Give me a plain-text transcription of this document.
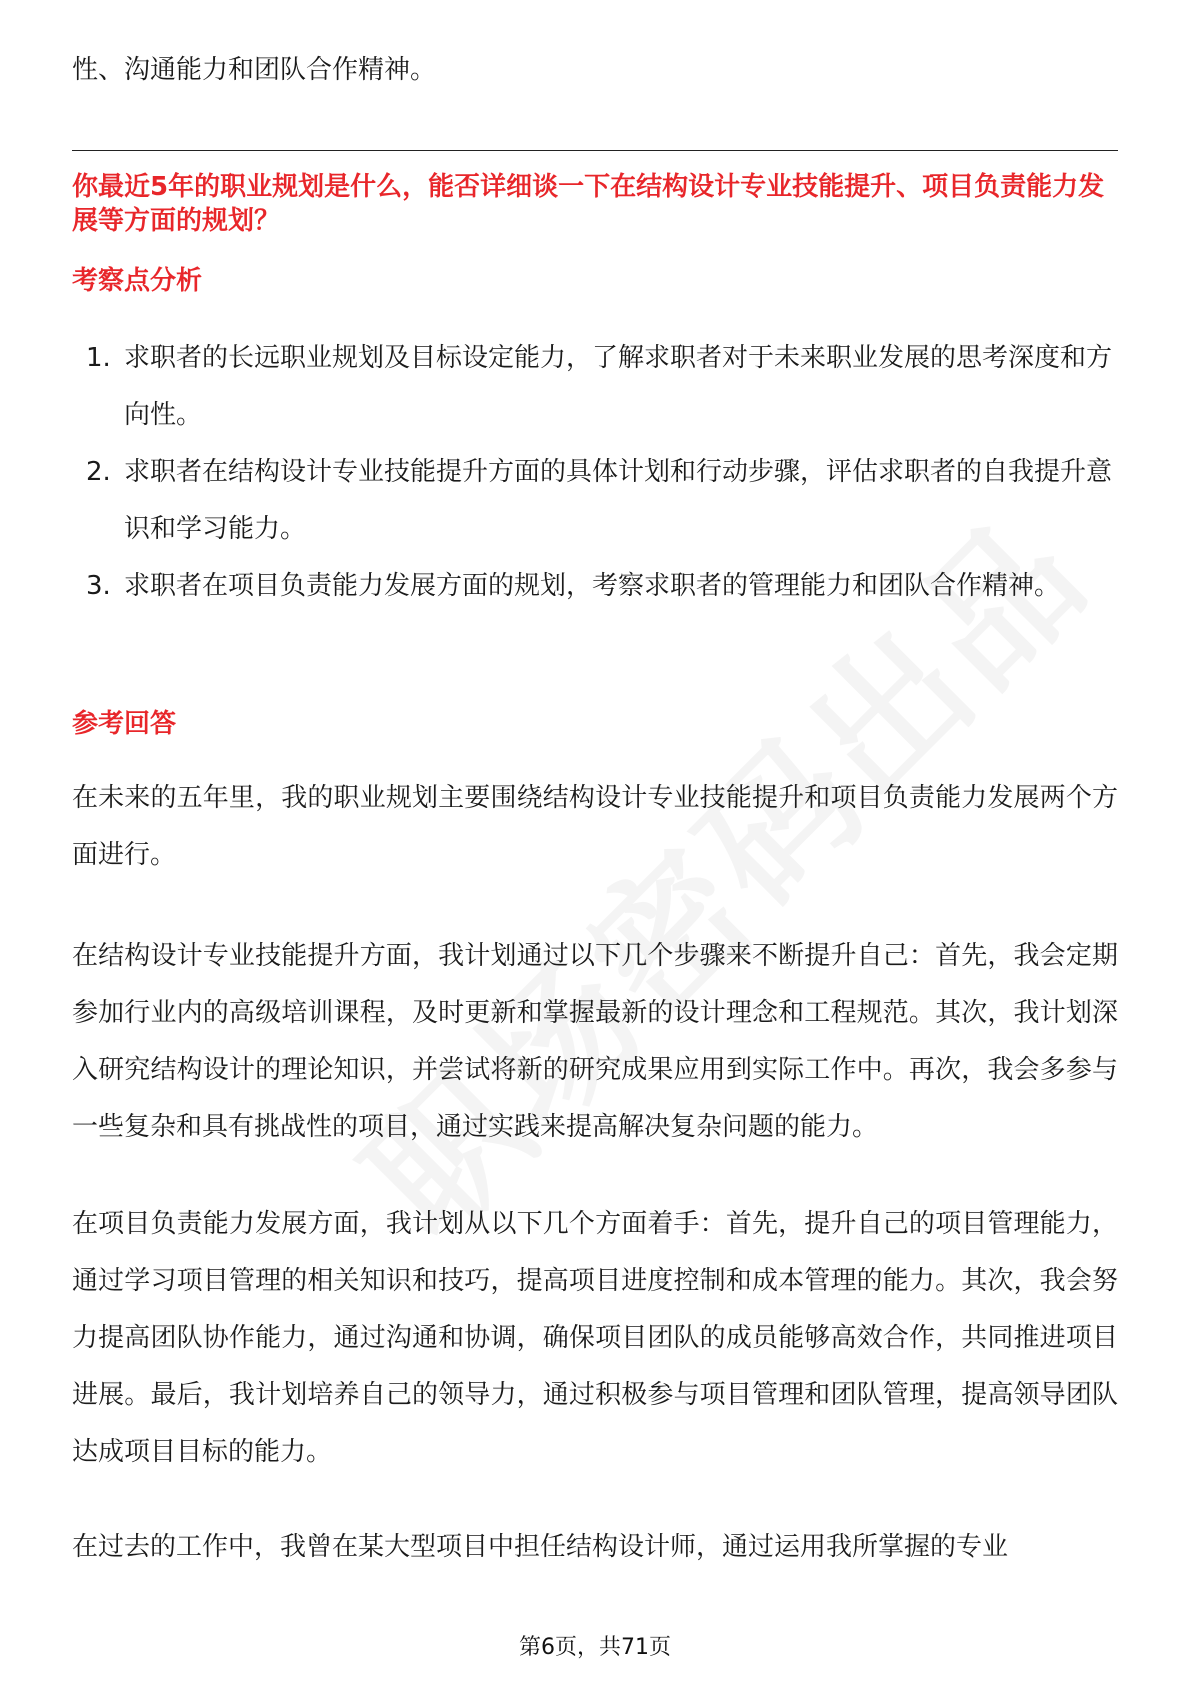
性、沟通能力和团队合作精神。

你最近5年的职业规划是什么，能否详细谈一下在结构设计专业技能提升、项目负责能力发展等方面的规划？

考察点分析

1. 求职者的长远职业规划及目标设定能力，了解求职者对于未来职业发展的思考深度和方向性。
2. 求职者在结构设计专业技能提升方面的具体计划和行动步骤，评估求职者的自我提升意识和学习能力。
3. 求职者在项目负责能力发展方面的规划，考察求职者的管理能力和团队合作精神。

参考回答

在未来的五年里，我的职业规划主要围绕结构设计专业技能提升和项目负责能力发展两个方面进行。

在结构设计专业技能提升方面，我计划通过以下几个步骤来不断提升自己：首先，我会定期参加行业内的高级培训课程，及时更新和掌握最新的设计理念和工程规范。其次，我计划深入研究结构设计的理论知识，并尝试将新的研究成果应用到实际工作中。再次，我会多参与一些复杂和具有挑战性的项目，通过实践来提高解决复杂问题的能力。

在项目负责能力发展方面，我计划从以下几个方面着手：首先，提升自己的项目管理能力，通过学习项目管理的相关知识和技巧，提高项目进度控制和成本管理的能力。其次，我会努力提高团队协作能力，通过沟通和协调，确保项目团队的成员能够高效合作，共同推进项目进展。最后，我计划培养自己的领导力，通过积极参与项目管理和团队管理，提高领导团队达成项目目标的能力。

在过去的工作中，我曾在某大型项目中担任结构设计师，通过运用我所掌握的专业

第6页，共71页
